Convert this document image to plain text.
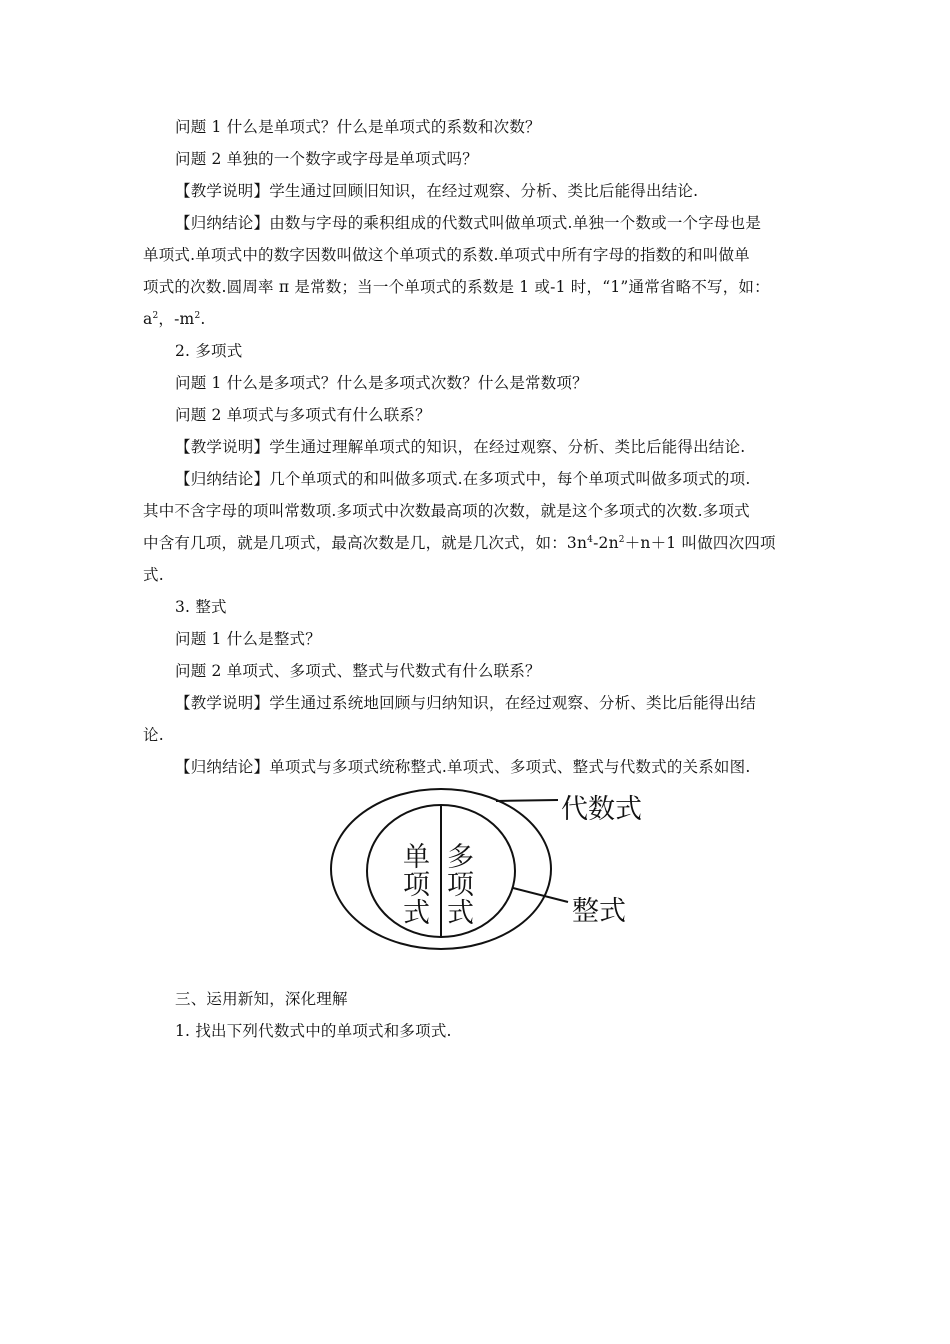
问题 1 什么是单项式？什么是单项式的系数和次数？
问题 2 单独的一个数字或字母是单项式吗？
【教学说明】学生通过回顾旧知识，在经过观察、分析、类比后能得出结论.
【归纳结论】由数与字母的乘积组成的代数式叫做单项式.单独一个数或一个字母也是
单项式.单项式中的数字因数叫做这个单项式的系数.单项式中所有字母的指数的和叫做单
项式的次数.圆周率 π 是常数；当一个单项式的系数是 1 或-1 时，“1”通常省略不写，如：
$a^2$，$-m^2$.
2. 多项式
问题 1 什么是多项式？什么是多项式次数？什么是常数项？
问题 2 单项式与多项式有什么联系？
【教学说明】学生通过理解单项式的知识，在经过观察、分析、类比后能得出结论.
【归纳结论】几个单项式的和叫做多项式.在多项式中，每个单项式叫做多项式的项.
其中不含字母的项叫常数项.多项式中次数最高项的次数，就是这个多项式的次数.多项式
中含有几项，就是几项式，最高次数是几，就是几次式，如：$3n^4-2n^2+n+1$ 叫做四次四项
式.
3. 整式
问题 1 什么是整式？
问题 2 单项式、多项式、整式与代数式有什么联系？
【教学说明】学生通过系统地回顾与归纳知识，在经过观察、分析、类比后能得出结
论.
【归纳结论】单项式与多项式统称整式.单项式、多项式、整式与代数式的关系如图.
代数式
整式
单
项
式
多
项
式
三、运用新知，深化理解
1. 找出下列代数式中的单项式和多项式.
